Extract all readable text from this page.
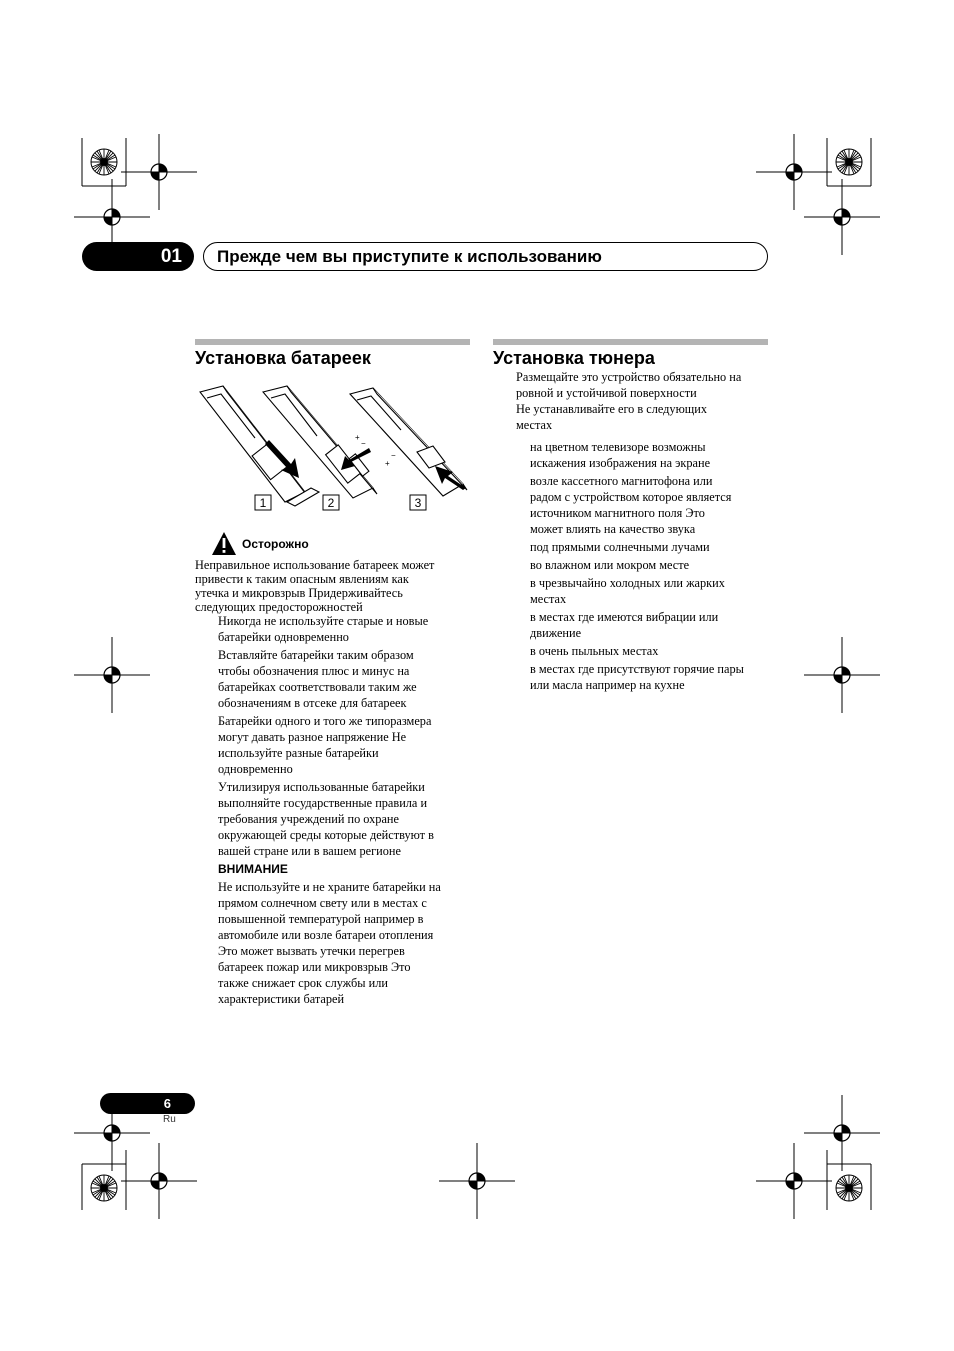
01 Прежде чем вы приступите к использованию
Установка батареек
+
−
+
−
1	2	3
Осторожно

Неправильное использование батареек может

привести к таким опасным явлениям как

утечка и микровзрыв Придерживайтесь

следующих предосторожностей

Никогда не используйте старые и новые

батарейки одновременно

Вставляйте батарейки таким образом

чтобы обозначения плюс и минус на

батарейках соответствовали таким же

обозначениям в отсеке для батареек

Батарейки одного и того же типоразмера

могут давать разное напряжение Не

используйте разные батарейки

одновременно

Утилизируя использованные батарейки

выполняйте государственные правила и

требования учреждений по охране

окружающей среды которые действуют в

вашей стране или в вашем регионе

ВНИМАНИЕ

Не используйте и не храните батарейки на

прямом солнечном свету или в местах с

повышенной температурой например в

автомобиле или возле батареи отопления

Это может вызвать утечки перегрев

батареек пожар или микровзрыв Это

также снижает срок службы или

характеристики батарей

Установка тюнера

Размещайте это устройство обязательно на

ровной и устойчивой поверхности

Не устанавливайте его в следующих

местах

на цветном телевизоре возможны

искажения изображения на экране

возле кассетного магнитофона или

радом с устройством которое является

источником магнитного поля Это

может влиять на качество звука

под прямыми солнечными лучами

во влажном или мокром месте

в чрезвычайно холодных или жарких

местах

в местах где имеются вибрации или

движение

в очень пыльных местах

в местах где присутствуют горячие пары

или масла например на кухне

6
Ru
